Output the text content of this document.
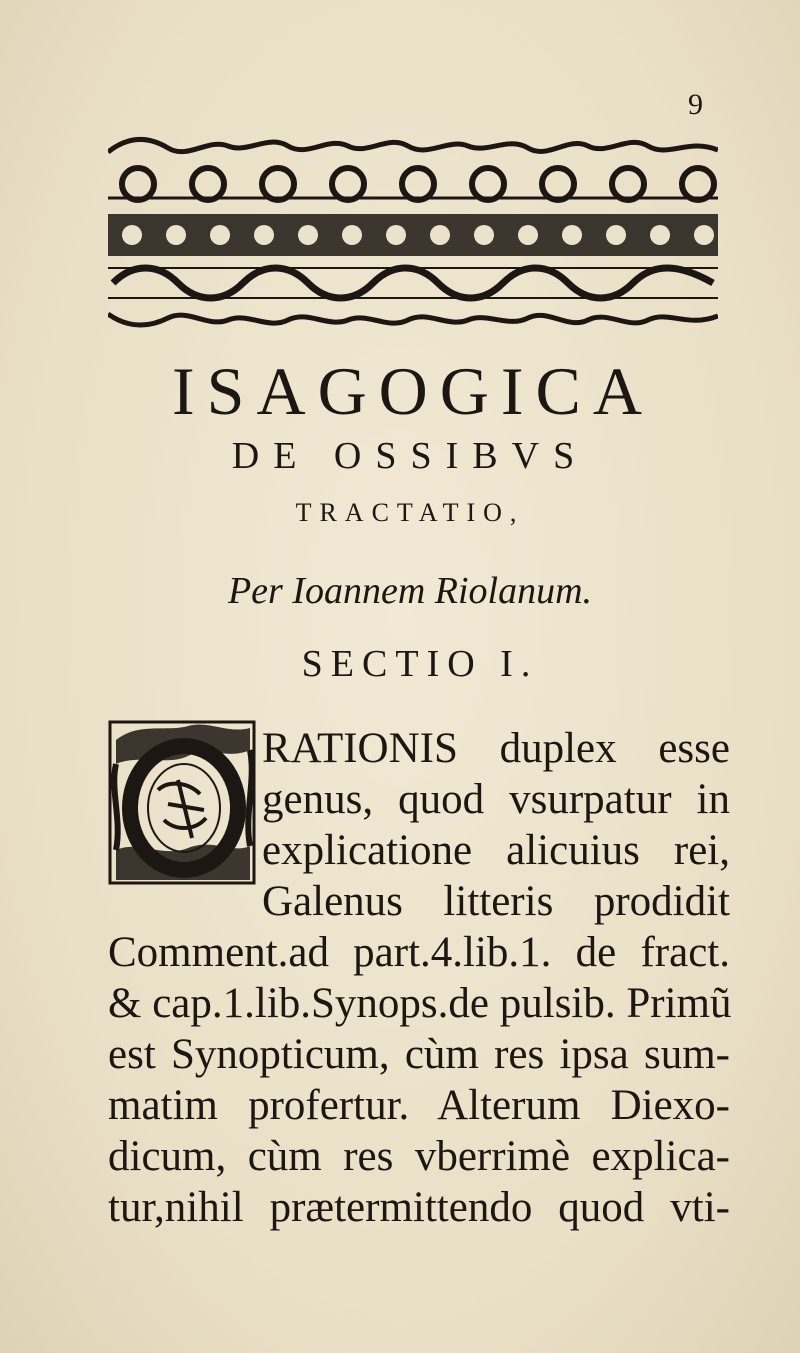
9
ISAGOGICA
DE OSSIBVS
TRACTATIO,
Per Ioannem Riolanum.
SECTIO I.
RATIONIS duplex esse
genus, quod vsurpatur in
explicatione alicuius rei,
Galenus litteris prodidit
Comment.ad part.4.lib.1. de fract.
& cap.1.lib.Synops.de pulsib. Primũ
est Synopticum, cùm res ipsa sum-
matim profertur. Alterum Diexo-
dicum, cùm res vberrimè explica-
tur,nihil prætermittendo quod vti-
